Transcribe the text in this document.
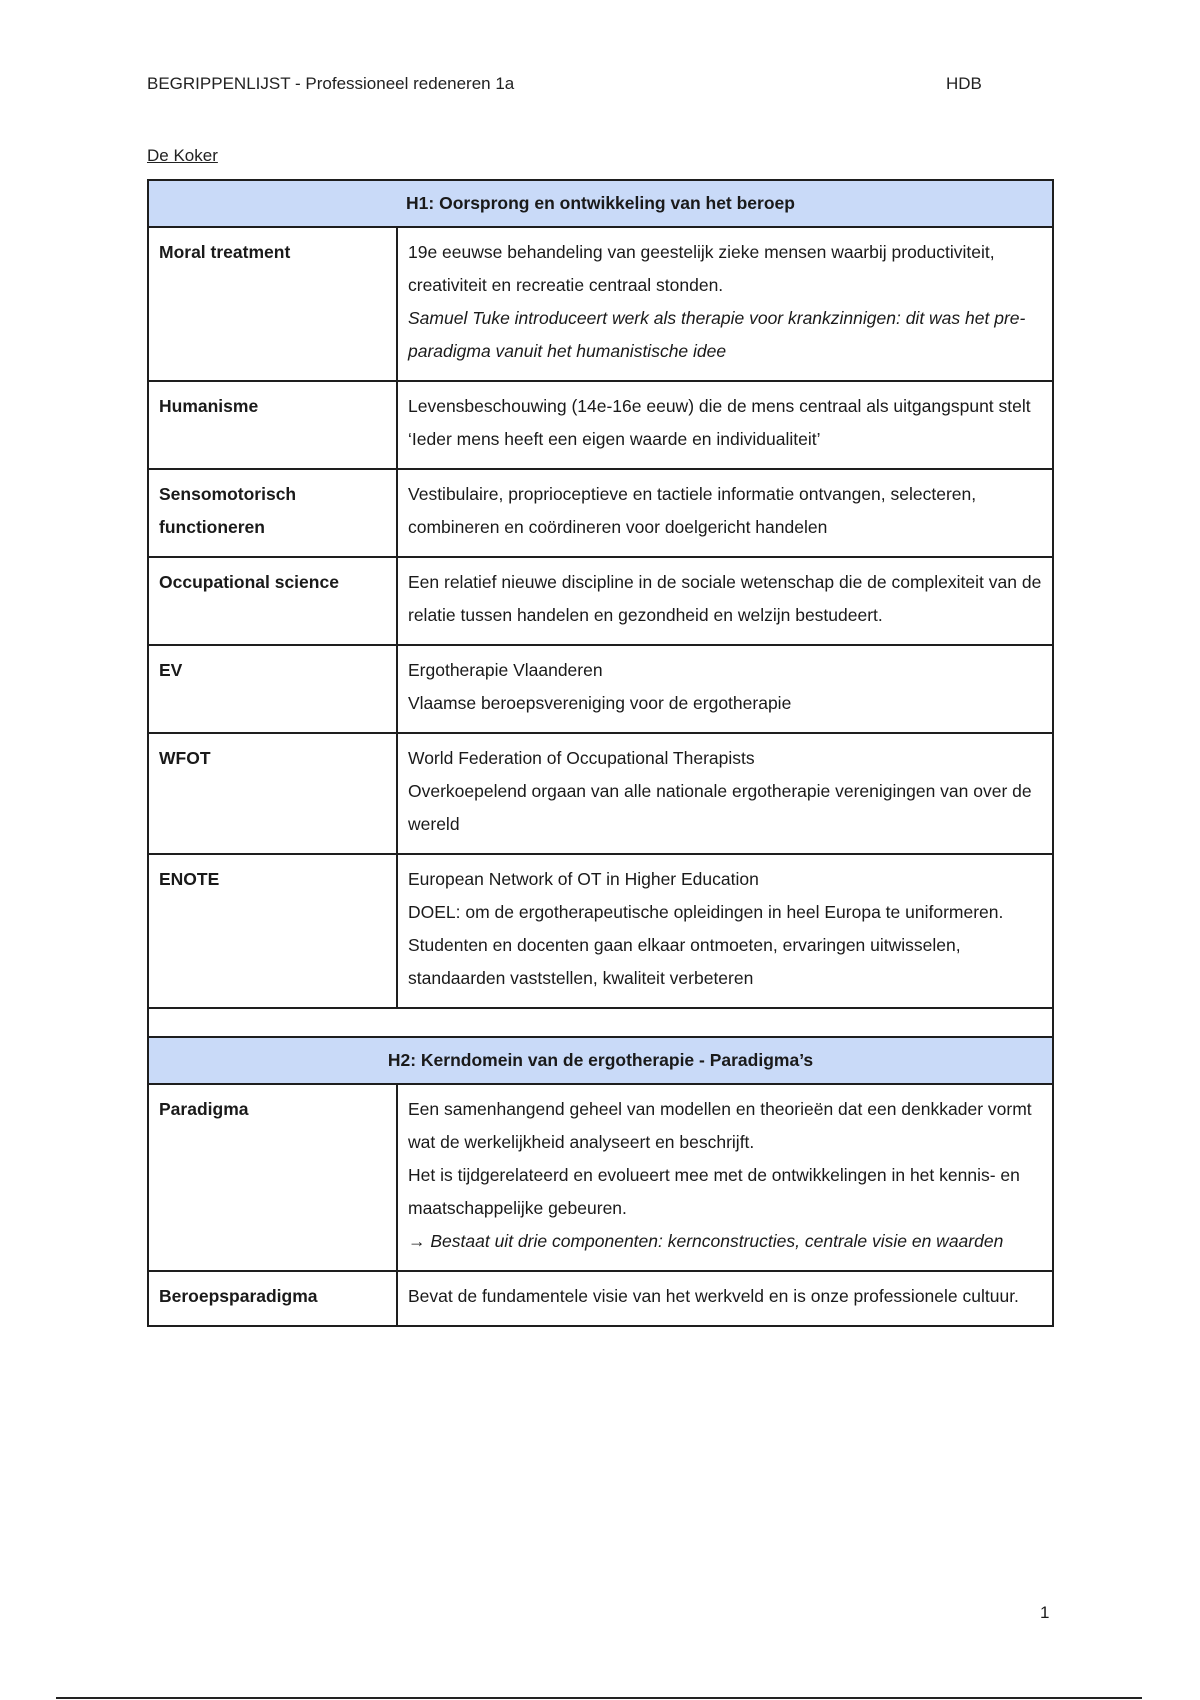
BEGRIPPENLIJST - Professioneel redeneren 1a	HDB
De Koker
H1: Oorsprong en ontwikkeling van het beroep	
Moral treatment	19e eeuwse behandeling van geestelijk zieke mensen waarbij productiviteit, creativiteit en recreatie centraal stonden.
Samuel Tuke introduceert werk als therapie voor krankzinnigen: dit was het pre-paradigma vanuit het humanistische idee

Humanisme	Levensbeschouwing (14e-16e eeuw) die de mens centraal als uitgangspunt stelt
‘Ieder mens heeft een eigen waarde en individualiteit’

Sensomotorisch functioneren	Vestibulaire, proprioceptieve en tactiele informatie ontvangen, selecteren, combineren en coördineren voor doelgericht handelen

Occupational science	Een relatief nieuwe discipline in de sociale wetenschap die de complexiteit van de relatie tussen handelen en gezondheid en welzijn bestudeert.

EV	Ergotherapie Vlaanderen
Vlaamse beroepsvereniging voor de ergotherapie

WFOT	World Federation of Occupational Therapists
Overkoepelend orgaan van alle nationale ergotherapie verenigingen van over de wereld

ENOTE	European Network of OT in Higher Education
DOEL: om de ergotherapeutische opleidingen in heel Europa te uniformeren. Studenten en docenten gaan elkaar ontmoeten, ervaringen uitwisselen, standaarden vaststellen, kwaliteit verbeteren

H2: Kerndomein van de ergotherapie - Paradigma’s	
Paradigma	Een samenhangend geheel van modellen en theorieën dat een denkkader vormt wat de werkelijkheid analyseert en beschrijft.
Het is tijdgerelateerd en evolueert mee met de ontwikkelingen in het kennis- en maatschappelijke gebeuren.
→ Bestaat uit drie componenten: kernconstructies, centrale visie en waarden

Beroepsparadigma	Bevat de fundamentele visie van het werkveld en is onze professionele cultuur.
1
